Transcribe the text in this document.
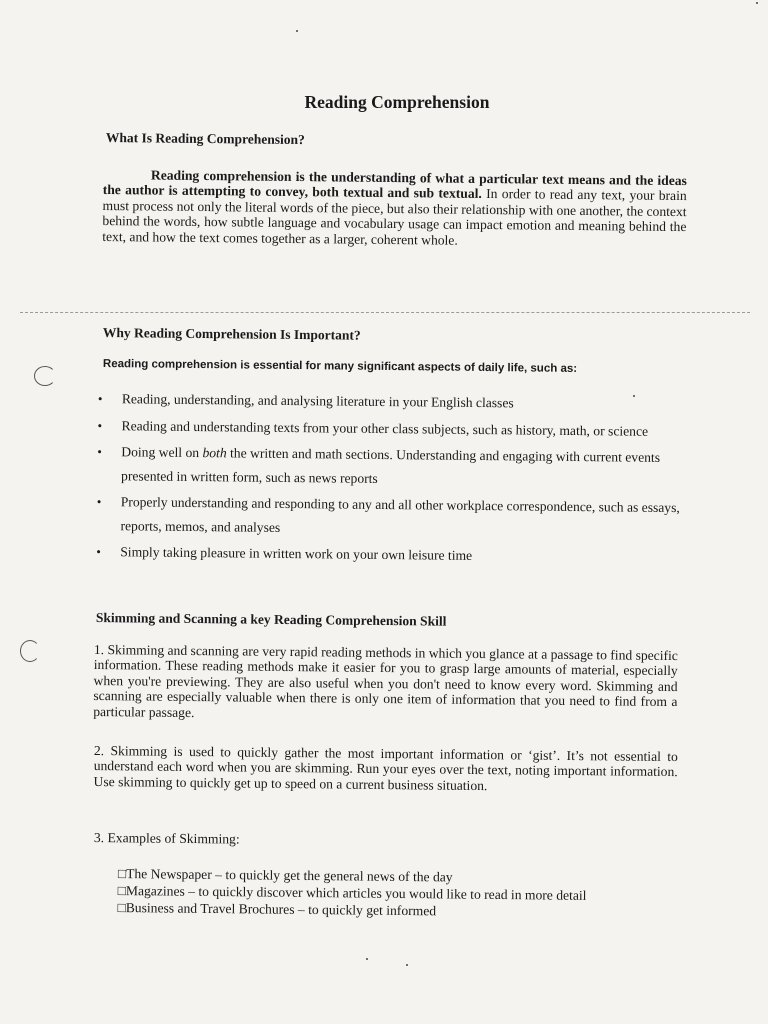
Reading Comprehension
What Is Reading Comprehension?
Reading comprehension is the understanding of what a particular text means and the ideas the author is attempting to convey, both textual and sub textual. In order to read any text, your brain must process not only the literal words of the piece, but also their relationship with one another, the context behind the words, how subtle language and vocabulary usage can impact emotion and meaning behind the text, and how the text comes together as a larger, coherent whole.
Why Reading Comprehension Is Important?
Reading comprehension is essential for many significant aspects of daily life, such as:
• Reading, understanding, and analysing literature in your English classes
• Reading and understanding texts from your other class subjects, such as history, math, or science
• Doing well on both the written and math sections. Understanding and engaging with current events presented in written form, such as news reports
• Properly understanding and responding to any and all other workplace correspondence, such as essays, reports, memos, and analyses
• Simply taking pleasure in written work on your own leisure time
Skimming and Scanning a key Reading Comprehension Skill
1. Skimming and scanning are very rapid reading methods in which you glance at a passage to find specific information. These reading methods make it easier for you to grasp large amounts of material, especially when you're previewing. They are also useful when you don't need to know every word. Skimming and scanning are especially valuable when there is only one item of information that you need to find from a particular passage.
2. Skimming is used to quickly gather the most important information or ‘gist’. It’s not essential to understand each word when you are skimming. Run your eyes over the text, noting important information. Use skimming to quickly get up to speed on a current business situation.
3. Examples of Skimming:
□The Newspaper – to quickly get the general news of the day
□Magazines – to quickly discover which articles you would like to read in more detail
□Business and Travel Brochures – to quickly get informed
